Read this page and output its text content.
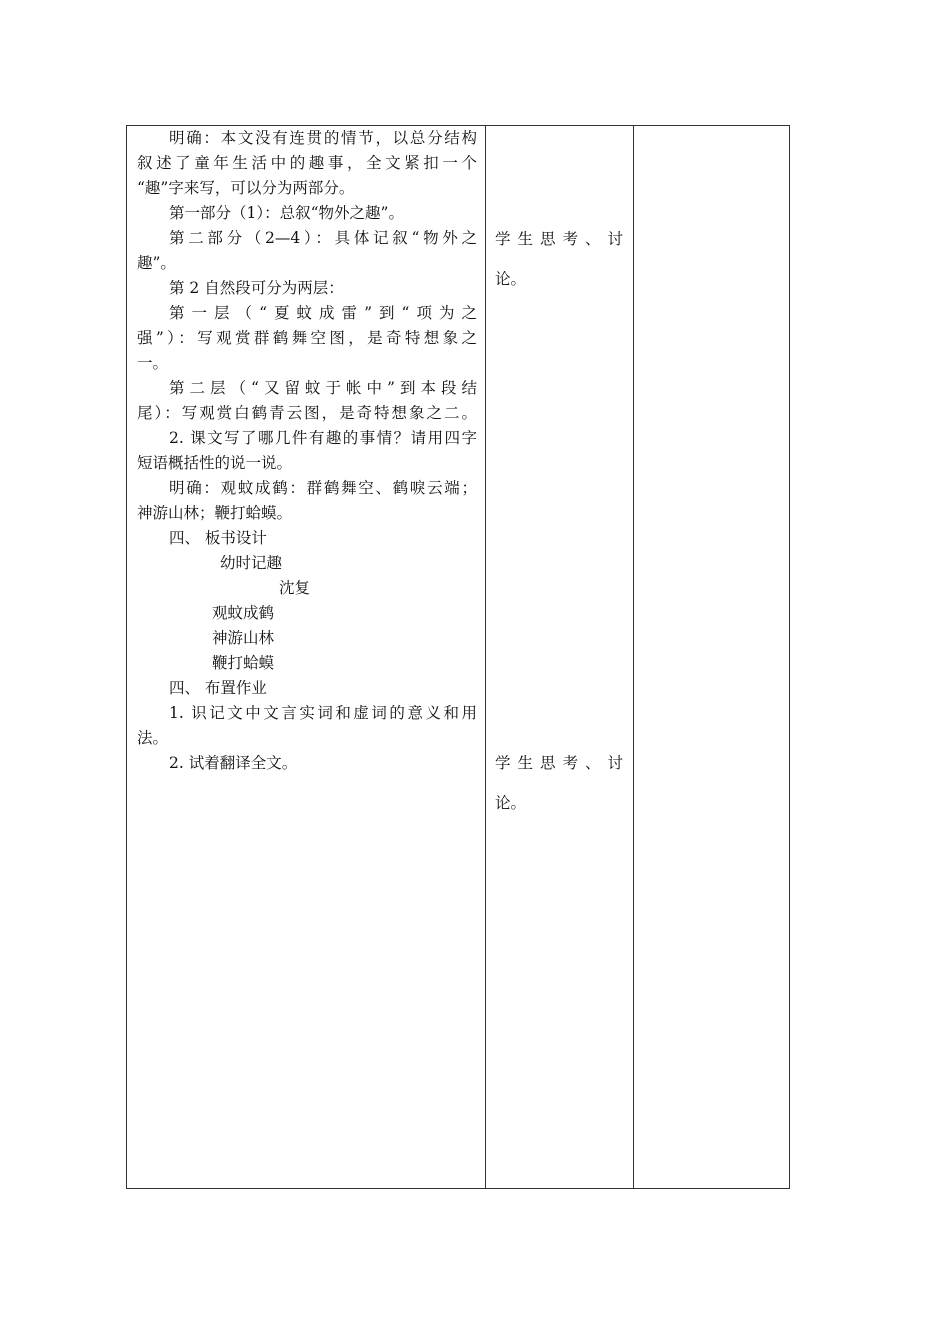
明确：本文没有连贯的情节，以总分结构
叙述了童年生活中的趣事，全文紧扣一个
“趣”字来写，可以分为两部分。
第一部分（1）：总叙“物外之趣”。
第二部分（2—4）：具体记叙“物外之
趣”。
第 2 自然段可分为两层：
第一层（“夏蚊成雷”到“项为之
强”）：写观赏群鹤舞空图，是奇特想象之
一。
第二层（“又留蚊于帐中”到本段结
尾）：写观赏白鹤青云图，是奇特想象之二。
2. 课文写了哪几件有趣的事情？请用四字
短语概括性的说一说。
明确：观蚊成鹤：群鹤舞空、鹤唳云端；
神游山林；鞭打蛤蟆。
四、 板书设计
幼时记趣
沈复
观蚊成鹤
神游山林
鞭打蛤蟆
四、 布置作业
1. 识记文中文言实词和虚词的意义和用
法。
2. 试着翻译全文。
学 生 思 考 、 讨
论。
学 生 思 考 、 讨
论。
